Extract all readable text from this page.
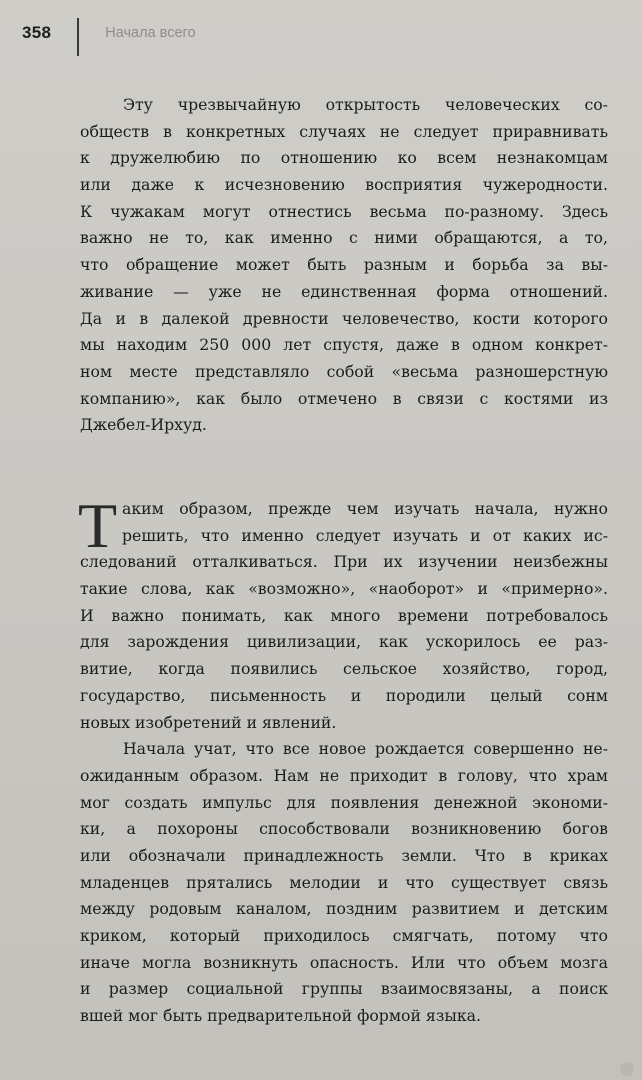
358	Начала всего
Эту чрезвычайную открытость человеческих со-
обществ в конкретных случаях не следует приравнивать
к дружелюбию по отношению ко всем незнакомцам
или даже к исчезновению восприятия чужеродности.
К чужакам могут отнестись весьма по-разному. Здесь
важно не то, как именно с ними обращаются, а то,
что обращение может быть разным и борьба за вы-
живание — уже не единственная форма отношений.
Да и в далекой древности человечество, кости которого
мы находим 250 000 лет спустя, даже в одном конкрет-
ном месте представляло собой «весьма разношерстную
компанию», как было отмечено в связи с костями из
Джебел-Ирхуд.
Т аким образом, прежде чем изучать начала, нужно
решить, что именно следует изучать и от каких ис-
следований отталкиваться. При их изучении неизбежны
такие слова, как «возможно», «наоборот» и «примерно».
И важно понимать, как много времени потребовалось
для зарождения цивилизации, как ускорилось ее раз-
витие, когда появились сельское хозяйство, город,
государство, письменность и породили целый сонм
новых изобретений и явлений.
Начала учат, что все новое рождается совершенно не-
ожиданным образом. Нам не приходит в голову, что храм
мог создать импульс для появления денежной экономи-
ки, а похороны способствовали возникновению богов
или обозначали принадлежность земли. Что в криках
младенцев прятались мелодии и что существует связь
между родовым каналом, поздним развитием и детским
криком, который приходилось смягчать, потому что
иначе могла возникнуть опасность. Или что объем мозга
и размер социальной группы взаимосвязаны, а поиск
вшей мог быть предварительной формой языка.
